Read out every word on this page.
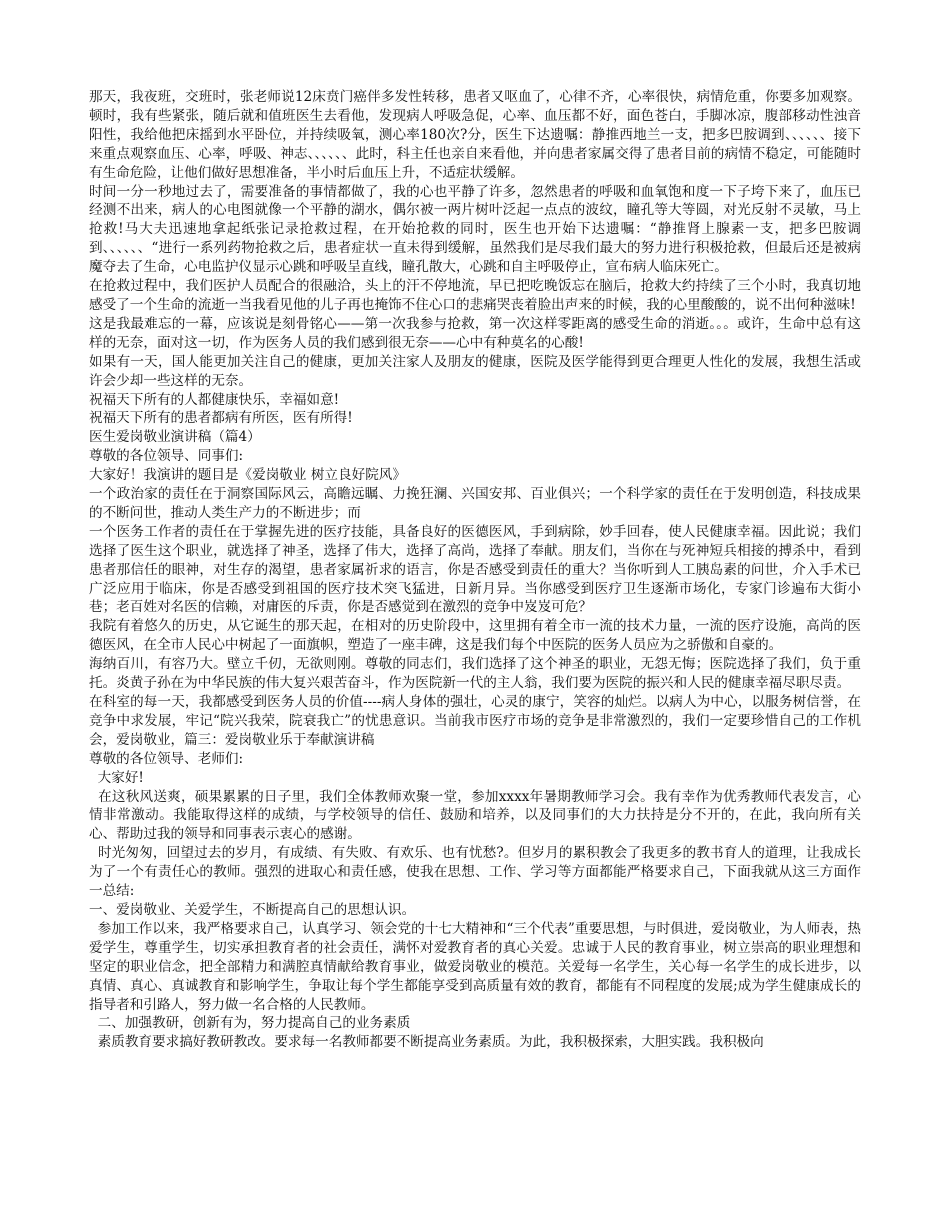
那天，我夜班，交班时，张老师说12床贲门癌伴多发性转移，患者又呕血了，心律不齐，心率很快，病情危重，你要多加观察。顿时，我有些紧张，随后就和值班医生去看他，发现病人呼吸急促，心率、血压都不好，面色苍白，手脚冰凉，腹部移动性浊音阳性，我给他把床摇到水平卧位，并持续吸氧，测心率180次?分，医生下达遗嘱：静推西地兰一支，把多巴胺调到、、、、、、接下来重点观察血压、心率，呼吸、神志、、、、、、此时，科主任也亲自来看他，并向患者家属交得了患者目前的病情不稳定，可能随时有生命危险，让他们做好思想准备，半小时后血压上升，不适症状缓解。

时间一分一秒地过去了，需要准备的事情都做了，我的心也平静了许多，忽然患者的呼吸和血氧饱和度一下子垮下来了，血压已经测不出来，病人的心电图就像一个平静的湖水，偶尔被一两片树叶泛起一点点的波纹，瞳孔等大等圆，对光反射不灵敏，马上抢救!马大夫迅速地拿起纸张记录抢救过程，在开始抢救的同时，医生也开始下达遗嘱：“静推肾上腺素一支，把多巴胺调到、、、、、、“进行一系列药物抢救之后，患者症状一直未得到缓解，虽然我们是尽我们最大的努力进行积极抢救，但最后还是被病魔夺去了生命，心电监护仪显示心跳和呼吸呈直线，瞳孔散大，心跳和自主呼吸停止，宣布病人临床死亡。

在抢救过程中，我们医护人员配合的很融洽，头上的汗不停地流，早已把吃晚饭忘在脑后，抢救大约持续了三个小时，我真切地感受了一个生命的流逝一当我看见他的儿子再也掩饰不住心口的悲痛哭丧着脸出声来的时候，我的心里酸酸的，说不出何种滋味!

这是我最难忘的一幕，应该说是刻骨铭心——第一次我参与抢救，第一次这样零距离的感受生命的消逝。。。或许，生命中总有这样的无奈，面对这一切，作为医务人员的我们感到很无奈——心中有种莫名的心酸!

如果有一天，国人能更加关注自己的健康，更加关注家人及朋友的健康，医院及医学能得到更合理更人性化的发展，我想生活或许会少却一些这样的无奈。

祝福天下所有的人都健康快乐，幸福如意!

祝福天下所有的患者都病有所医，医有所得!

医生爱岗敬业演讲稿（篇4）

尊敬的各位领导、同事们:

大家好！我演讲的题目是《爱岗敬业 树立良好院风》

一个政治家的责任在于洞察国际风云，高瞻远瞩、力挽狂澜、兴国安邦、百业俱兴；一个科学家的责任在于发明创造，科技成果的不断问世，推动人类生产力的不断进步；而

一个医务工作者的责任在于掌握先进的医疗技能，具备良好的医德医风，手到病除，妙手回春，使人民健康幸福。因此说；我们选择了医生这个职业，就选择了神圣，选择了伟大，选择了高尚，选择了奉献。朋友们，当你在与死神短兵相接的搏杀中，看到患者那信任的眼神，对生存的渴望，患者家属祈求的语言，你是否感受到责任的重大？当你听到人工胰岛素的问世，介入手术已广泛应用于临床，你是否感受到祖国的医疗技术突飞猛进，日新月异。当你感受到医疗卫生逐渐市场化，专家门诊遍布大街小巷；老百姓对名医的信赖，对庸医的斥责，你是否感觉到在激烈的竞争中岌岌可危？

我院有着悠久的历史，从它诞生的那天起，在相对的历史阶段中，这里拥有着全市一流的技术力量，一流的医疗设施，高尚的医德医风，在全市人民心中树起了一面旗帜，塑造了一座丰碑，这是我们每个中医院的医务人员应为之骄傲和自豪的。

海纳百川，有容乃大。壁立千仞，无欲则刚。尊敬的同志们，我们选择了这个神圣的职业，无怨无悔；医院选择了我们，负于重托。炎黄子孙在为中华民族的伟大复兴艰苦奋斗，作为医院新一代的主人翁，我们要为医院的振兴和人民的健康幸福尽职尽责。

在科室的每一天，我都感受到医务人员的价值----病人身体的强壮，心灵的康宁，笑容的灿烂。以病人为中心，以服务树信誉，在竞争中求发展，牢记“院兴我荣，院衰我亡”的忧患意识。当前我市医疗市场的竞争是非常激烈的，我们一定要珍惜自己的工作机会，爱岗敬业，篇三：爱岗敬业乐于奉献演讲稿

尊敬的各位领导、老师们:

大家好!

在这秋风送爽，硕果累累的日子里，我们全体教师欢聚一堂，参加xxxx年暑期教师学习会。我有幸作为优秀教师代表发言，心情非常激动。我能取得这样的成绩，与学校领导的信任、鼓励和培养，以及同事们的大力扶持是分不开的，在此，我向所有关心、帮助过我的领导和同事表示衷心的感谢。

时光匆匆，回望过去的岁月，有成绩、有失败、有欢乐、也有忧愁?。但岁月的累积教会了我更多的教书育人的道理，让我成长为了一个有责任心的教师。强烈的进取心和责任感，使我在思想、工作、学习等方面都能严格要求自己，下面我就从这三方面作一总结:

一、爱岗敬业、关爱学生，不断提高自己的思想认识。

参加工作以来，我严格要求自己，认真学习、领会党的十七大精神和“三个代表”重要思想，与时俱进，爱岗敬业，为人师表，热爱学生，尊重学生，切实承担教育者的社会责任，满怀对爱教育者的真心关爱。忠诚于人民的教育事业，树立崇高的职业理想和坚定的职业信念，把全部精力和满腔真情献给教育事业，做爱岗敬业的模范。关爱每一名学生，关心每一名学生的成长进步，以真情、真心、真诚教育和影响学生，争取让每个学生都能享受到高质量有效的教育，都能有不同程度的发展;成为学生健康成长的指导者和引路人，努力做一名合格的人民教师。

二、加强教研，创新有为，努力提高自己的业务素质

素质教育要求搞好教研教改。要求每一名教师都要不断提高业务素质。为此，我积极探索，大胆实践。我积极向
